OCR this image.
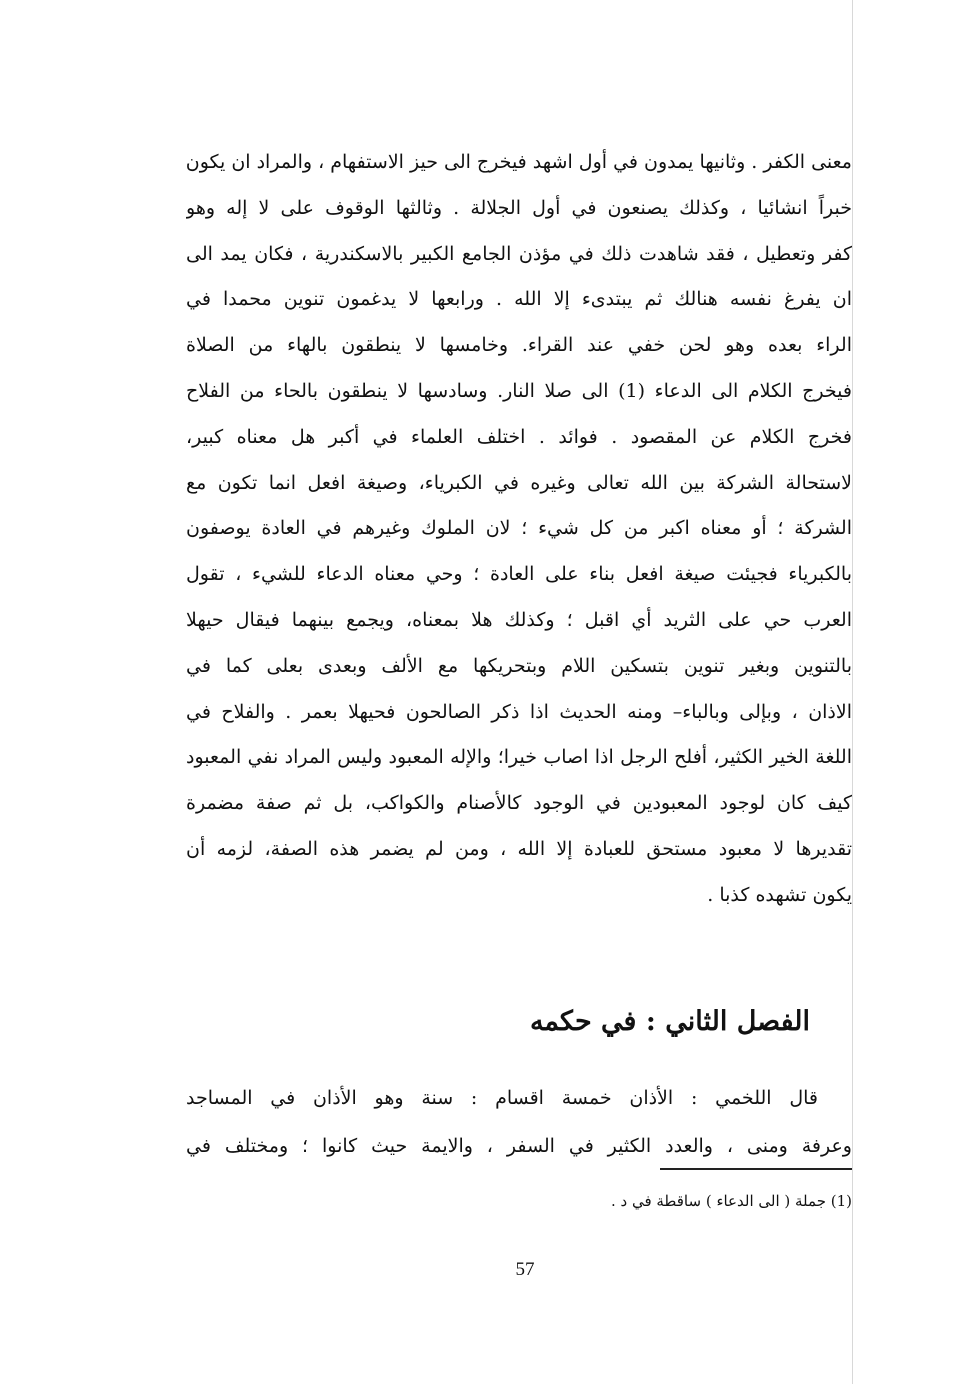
معنى الكفر . وثانيها يمدون في أول اشهد فيخرج الى حيز الاستفهام ، والمراد ان يكون
خبراً انشائيا ، وكذلك يصنعون في أول الجلالة . وثالثها الوقوف على لا إله وهو
كفر وتعطيل ، فقد شاهدت ذلك في مؤذن الجامع الكبير بالاسكندرية ، فكان يمد الى
ان يفرغ نفسه هنالك ثم يبتدىء إلا الله . ورابعها لا يدغمون تنوين محمدا في
الراء بعده وهو لحن خفي عند القراء. وخامسها لا ينطقون بالهاء من الصلاة
فيخرج الكلام الى الدعاء (1) الى صلا النار. وسادسها لا ينطقون بالحاء من الفلاح
فخرج الكلام عن المقصود . فوائد . اختلف العلماء في أكبر هل معناه كبير،
لاستحالة الشركة بين الله تعالى وغيره في الكبرياء، وصيغة افعل انما تكون مع
الشركة ؛ أو معناه اكبر من كل شيء ؛ لان الملوك وغيرهم في العادة يوصفون
بالكبرياء فجيئت صيغة افعل بناء على العادة ؛ وحي معناه الدعاء للشيء ، تقول
العرب حي على الثريد أي اقبل ؛ وكذلك هلا بمعناه، ويجمع بينهما فيقال حيهلا
بالتنوين وبغير تنوين بتسكين اللام وبتحريكها مع الألف وبعدى بعلى كما في
الاذان ، وبإلى وبالباء– ومنه الحديث اذا ذكر الصالحون فحيهلا بعمر . والفلاح في
اللغة الخير الكثير، أفلح الرجل اذا اصاب خيرا؛ والإله المعبود وليس المراد نفي المعبود
كيف كان لوجود المعبودين في الوجود كالأصنام والكواكب، بل ثم صفة مضمرة
تقديرها لا معبود مستحق للعبادة إلا الله ، ومن لم يضمر هذه الصفة، لزمه أن
يكون تشهده كذبا .

الفصل الثاني : في حكمه

قال اللخمي : الأذان خمسة اقسام : سنة وهو الأذان في المساجد
وعرفة ومنى ، والعدد الكثير في السفر ، والايمة حيث كانوا ؛ ومختلف في

(1) جملة ( الى الدعاء ) ساقطة في د .

57
